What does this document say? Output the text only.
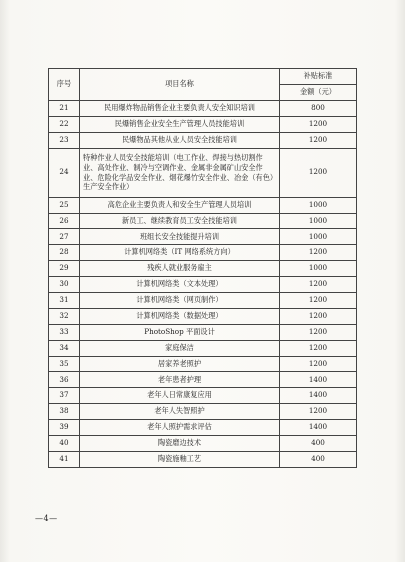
序号	项目名称	补贴标准
		金额（元）
21	民用爆炸物品销售企业主要负责人安全知识培训	800
22	民爆销售企业安全生产管理人员技能培训	1200
23	民爆物品其他从业人员安全技能培训	1200
24	特种作业人员安全技能培训（电工作业、焊接与热切割作业、高处作业、制冷与空调作业、金属非金属矿山安全作业、危险化学品安全作业、烟花爆竹安全作业、冶金（有色）生产安全作业）	1200
25	高危企业主要负责人和安全生产管理人员培训	1000
26	新员工、继续教育员工安全技能培训	1000
27	班组长安全技能提升培训	1000
28	计算机网络类（IT 网络系统方向）	1200
29	残疾人就业服务雇主	1000
30	计算机网络类（文本处理）	1200
31	计算机网络类（网页制作）	1200
32	计算机网络类（数据处理）	1200
33	PhotoShop 平面设计	1200
34	家庭保洁	1200
35	居家养老照护	1200
36	老年患者护理	1400
37	老年人日常康复应用	1400
38	老年人失智照护	1200
39	老年人照护需求评估	1400
40	陶瓷磨边技术	400
41	陶瓷施釉工艺	400
—4—
